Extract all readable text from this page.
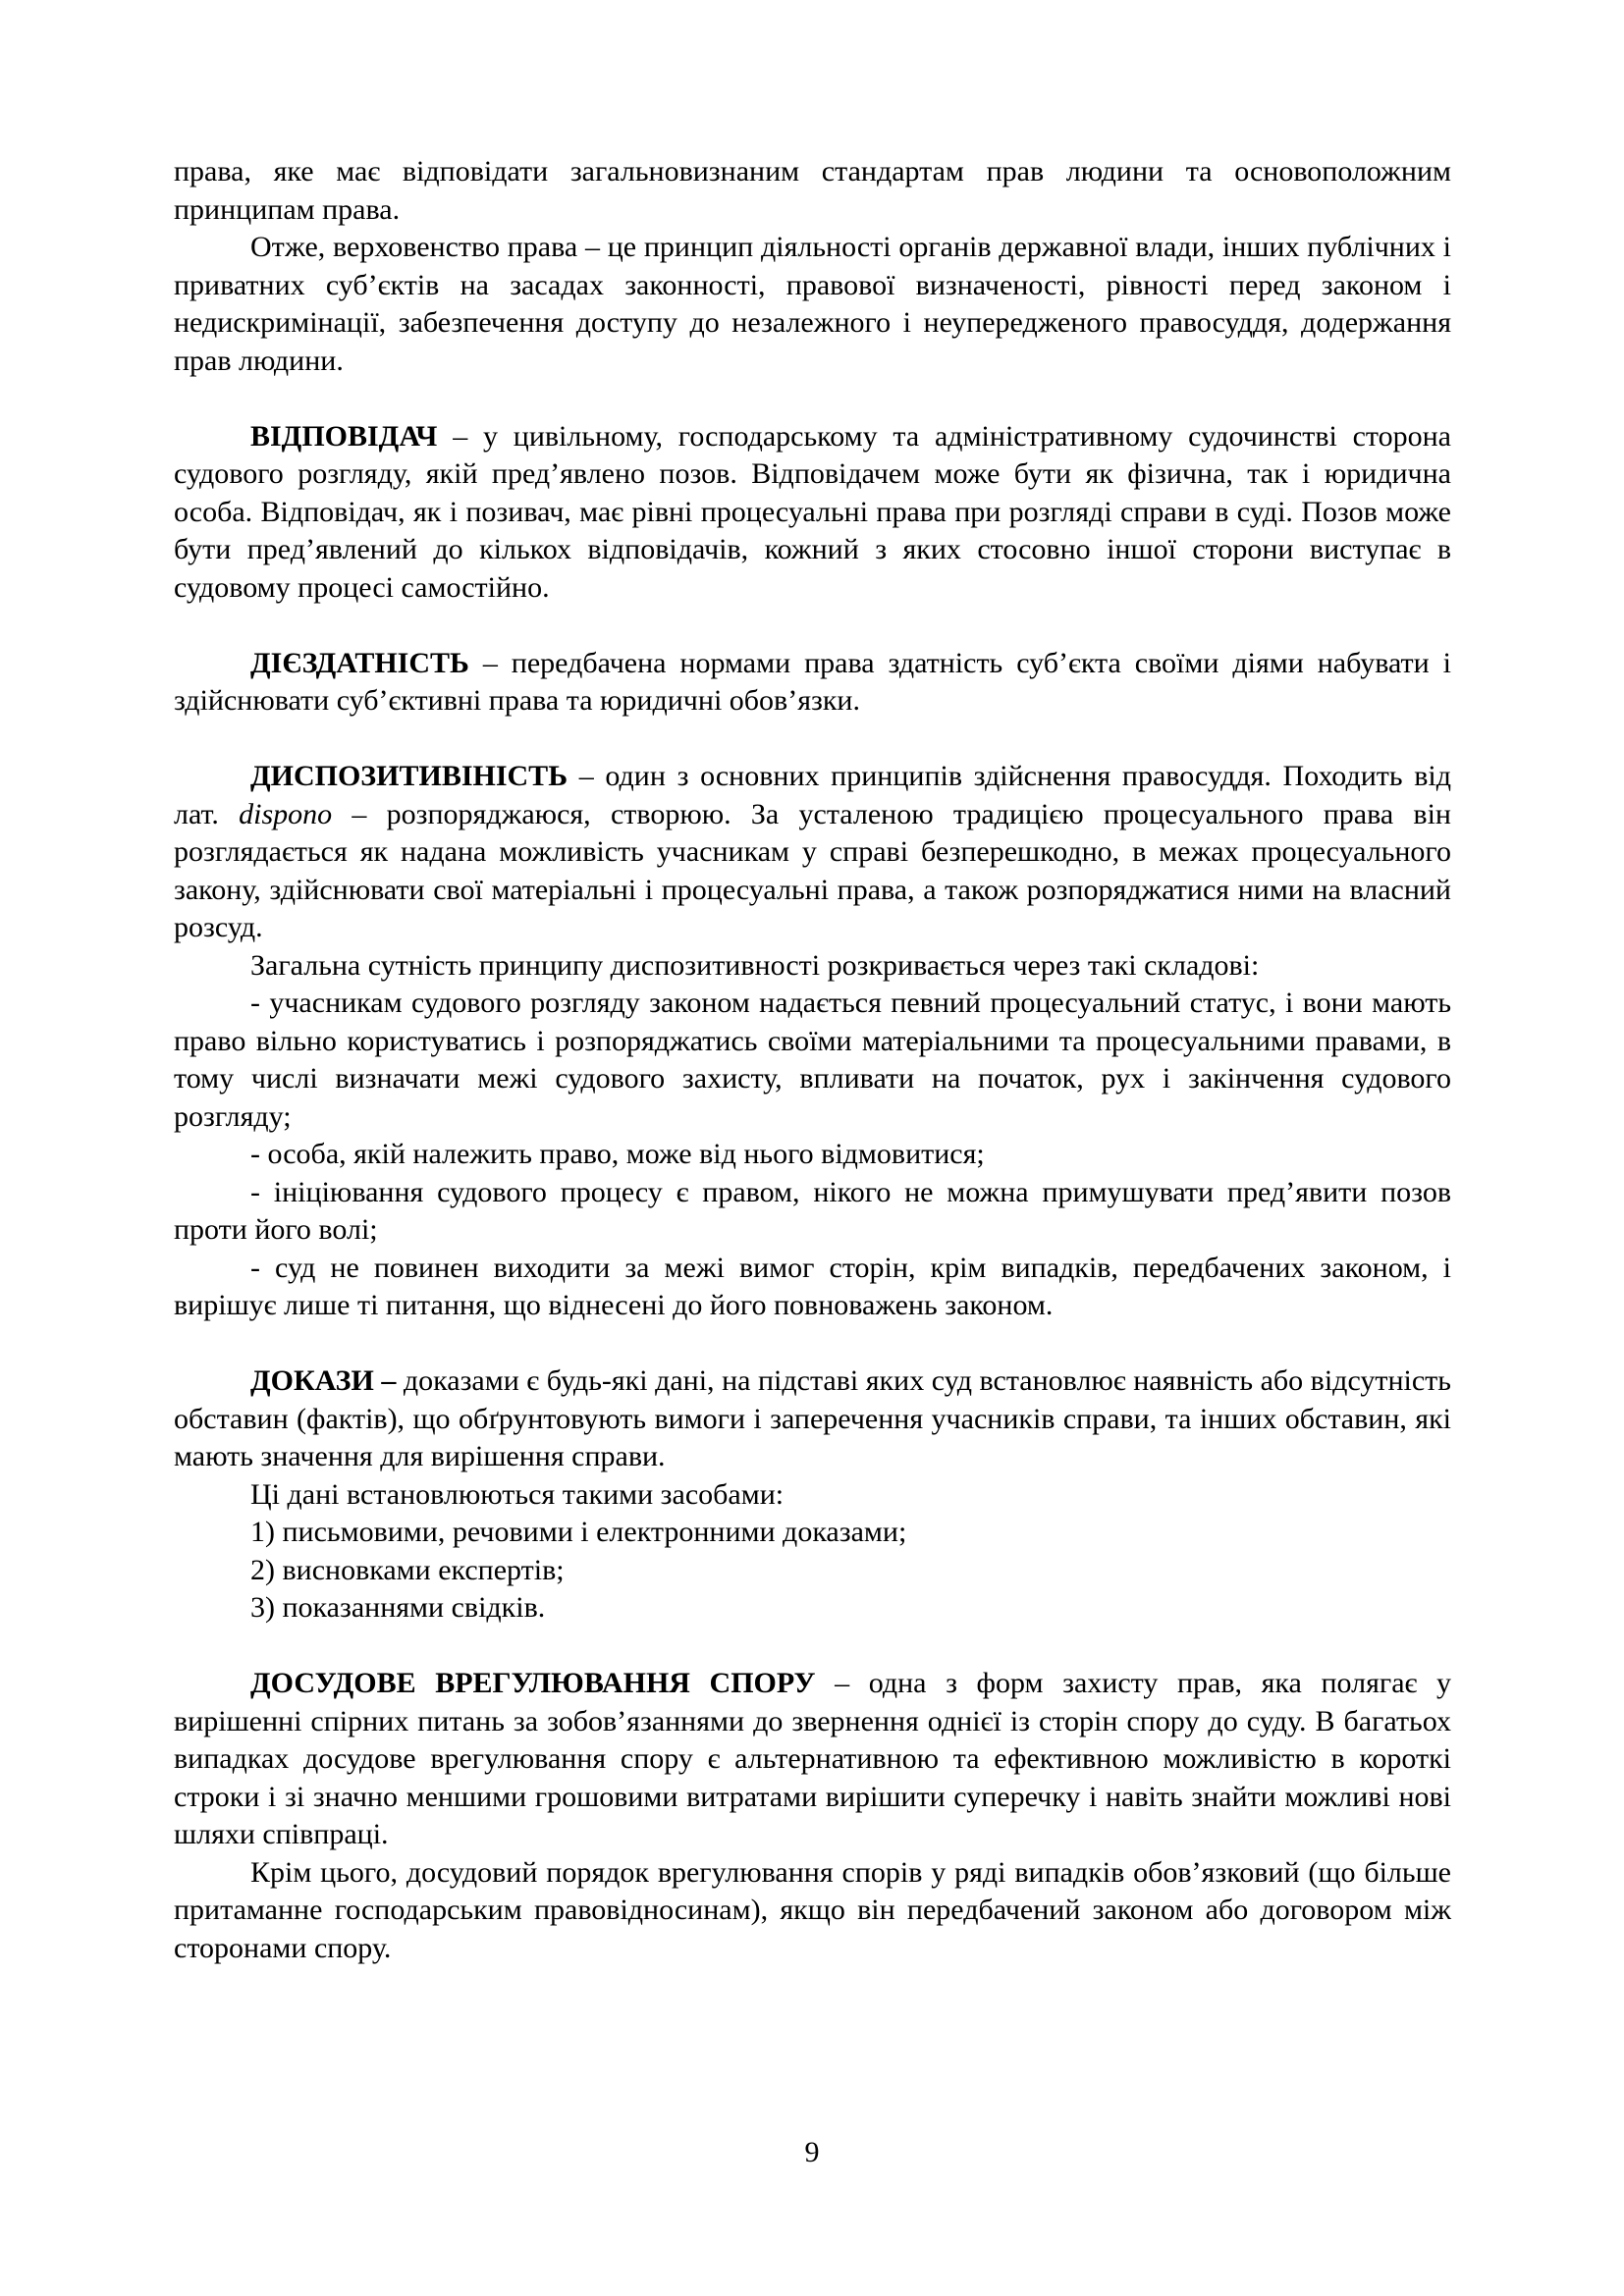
права, яке має відповідати загальновизнаним стандартам прав людини та основоположним принципам права.

Отже, верховенство права – це принцип діяльності органів державної влади, інших публічних і приватних суб’єктів на засадах законності, правової визначеності, рівності перед законом і недискримінації, забезпечення доступу до незалежного і неупередженого правосуддя, додержання прав людини.

ВІДПОВІДАЧ – у цивільному, господарському та адміністративному судочинстві сторона судового розгляду, якій пред’явлено позов. Відповідачем може бути як фізична, так і юридична особа. Відповідач, як і позивач, має рівні процесуальні права при розгляді справи в суді. Позов може бути пред’явлений до кількох відповідачів, кожний з яких стосовно іншої сторони виступає в судовому процесі самостійно.

ДІЄЗДАТНІСТЬ – передбачена нормами права здатність суб’єкта своїми діями набувати і здійснювати суб’єктивні права та юридичні обов’язки.

ДИСПОЗИТИВІНІСТЬ – один з основних принципів здійснення правосуддя. Походить від лат. dispono – розпоряджаюся, створюю. За усталеною традицією процесуального права він розглядається як надана можливість учасникам у справі безперешкодно, в межах процесуального закону, здійснювати свої матеріальні і процесуальні права, а також розпоряджатися ними на власний розсуд.

Загальна сутність принципу диспозитивності розкривається через такі складові:

- учасникам судового розгляду законом надається певний процесуальний статус, і вони мають право вільно користуватись і розпоряджатись своїми матеріальними та процесуальними правами, в тому числі визначати межі судового захисту, впливати на початок, рух і закінчення судового розгляду;

- особа, якій належить право, може від нього відмовитися;

- ініціювання судового процесу є правом, нікого не можна примушувати пред’явити позов проти його волі;

- суд не повинен виходити за межі вимог сторін, крім випадків, передбачених законом, і вирішує лише ті питання, що віднесені до його повноважень законом.

ДОКАЗИ – доказами є будь-які дані, на підставі яких суд встановлює наявність або відсутність обставин (фактів), що обґрунтовують вимоги і заперечення учасників справи, та інших обставин, які мають значення для вирішення справи.

Ці дані встановлюються такими засобами:

1) письмовими, речовими і електронними доказами;

2) висновками експертів;

3) показаннями свідків.

ДОСУДОВЕ ВРЕГУЛЮВАННЯ СПОРУ – одна з форм захисту прав, яка полягає у вирішенні спірних питань за зобов’язаннями до звернення однієї із сторін спору до суду. В багатьох випадках досудове врегулювання спору є альтернативною та ефективною можливістю в короткі строки і зі значно меншими грошовими витратами вирішити суперечку і навіть знайти можливі нові шляхи співпраці.

Крім цього, досудовий порядок врегулювання спорів у ряді випадків обов’язковий (що більше притаманне господарським правовідносинам), якщо він передбачений законом або договором між сторонами спору.

9
